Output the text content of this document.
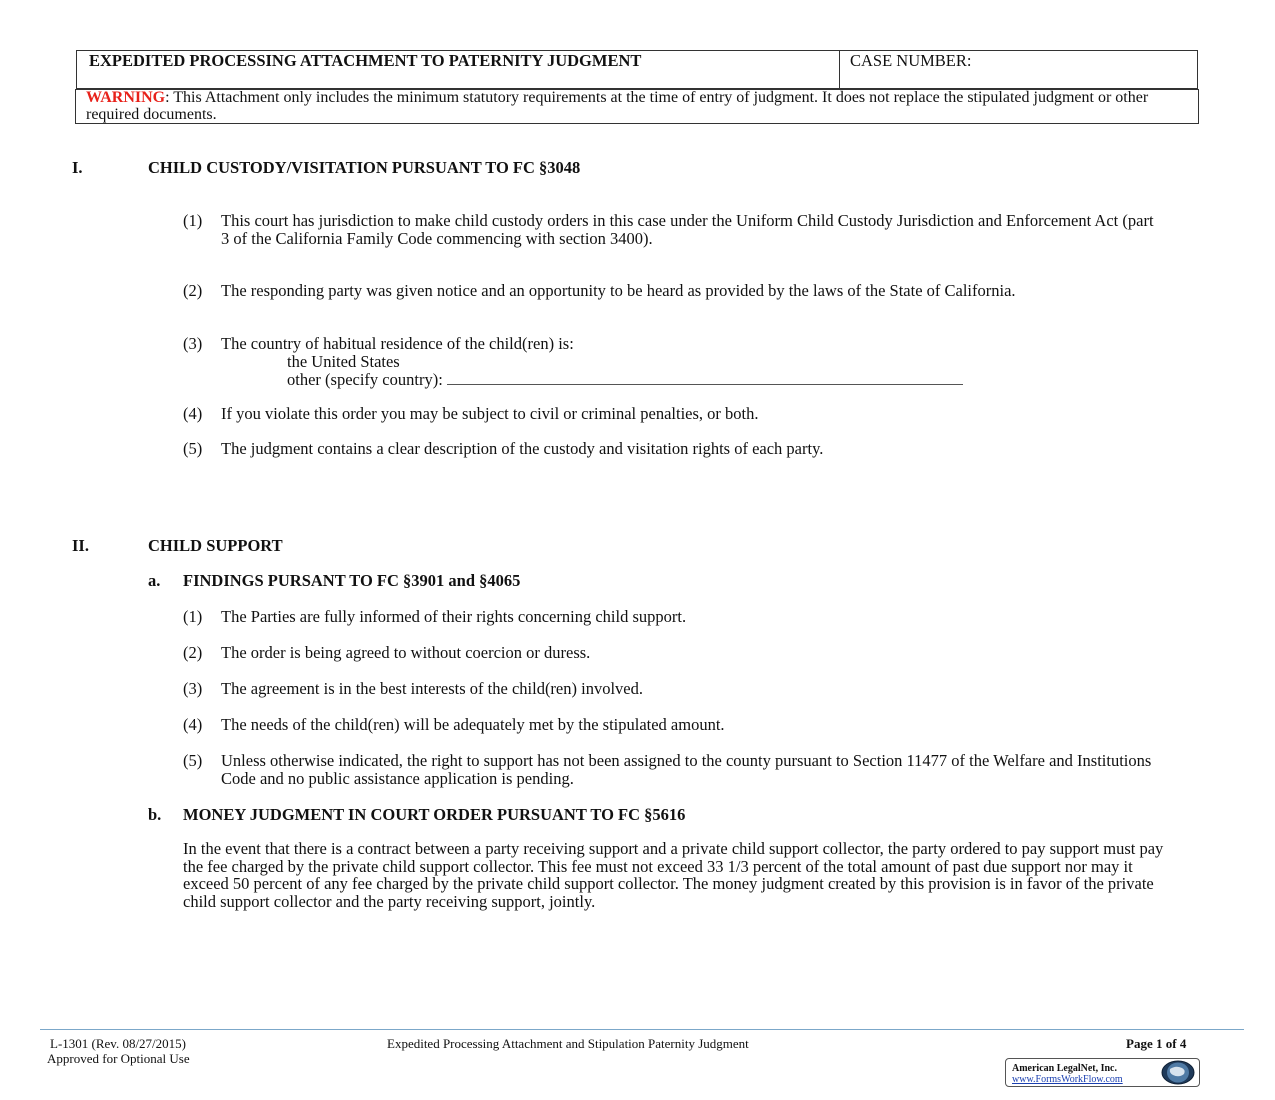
EXPEDITED PROCESSING ATTACHMENT TO PATERNITY JUDGMENT	CASE NUMBER:
WARNING: This Attachment only includes the minimum statutory requirements at the time of entry of judgment. It does not replace the stipulated judgment or other required documents.
I.	CHILD CUSTODY/VISITATION PURSUANT TO FC §3048
(1) This court has jurisdiction to make child custody orders in this case under the Uniform Child Custody Jurisdiction and Enforcement Act (part 3 of the California Family Code commencing with section 3400).
(2) The responding party was given notice and an opportunity to be heard as provided by the laws of the State of California.
(3) The country of habitual residence of the child(ren) is:
the United States
other (specify country):
(4) If you violate this order you may be subject to civil or criminal penalties, or both.
(5) The judgment contains a clear description of the custody and visitation rights of each party.
II.	CHILD SUPPORT
a. FINDINGS PURSANT TO FC §3901 and §4065
(1) The Parties are fully informed of their rights concerning child support.
(2) The order is being agreed to without coercion or duress.
(3) The agreement is in the best interests of the child(ren) involved.
(4) The needs of the child(ren) will be adequately met by the stipulated amount.
(5) Unless otherwise indicated, the right to support has not been assigned to the county pursuant to Section 11477 of the Welfare and Institutions Code and no public assistance application is pending.
b. MONEY JUDGMENT IN COURT ORDER PURSUANT TO FC §5616
In the event that there is a contract between a party receiving support and a private child support collector, the party ordered to pay support must pay the fee charged by the private child support collector. This fee must not exceed 33 1/3 percent of the total amount of past due support nor may it exceed 50 percent of any fee charged by the private child support collector. The money judgment created by this provision is in favor of the private child support collector and the party receiving support, jointly.
L-1301 (Rev. 08/27/2015)
Approved for Optional Use
Expedited Processing Attachment and Stipulation Paternity Judgment	Page 1 of 4
American LegalNet, Inc.
www.FormsWorkFlow.com
